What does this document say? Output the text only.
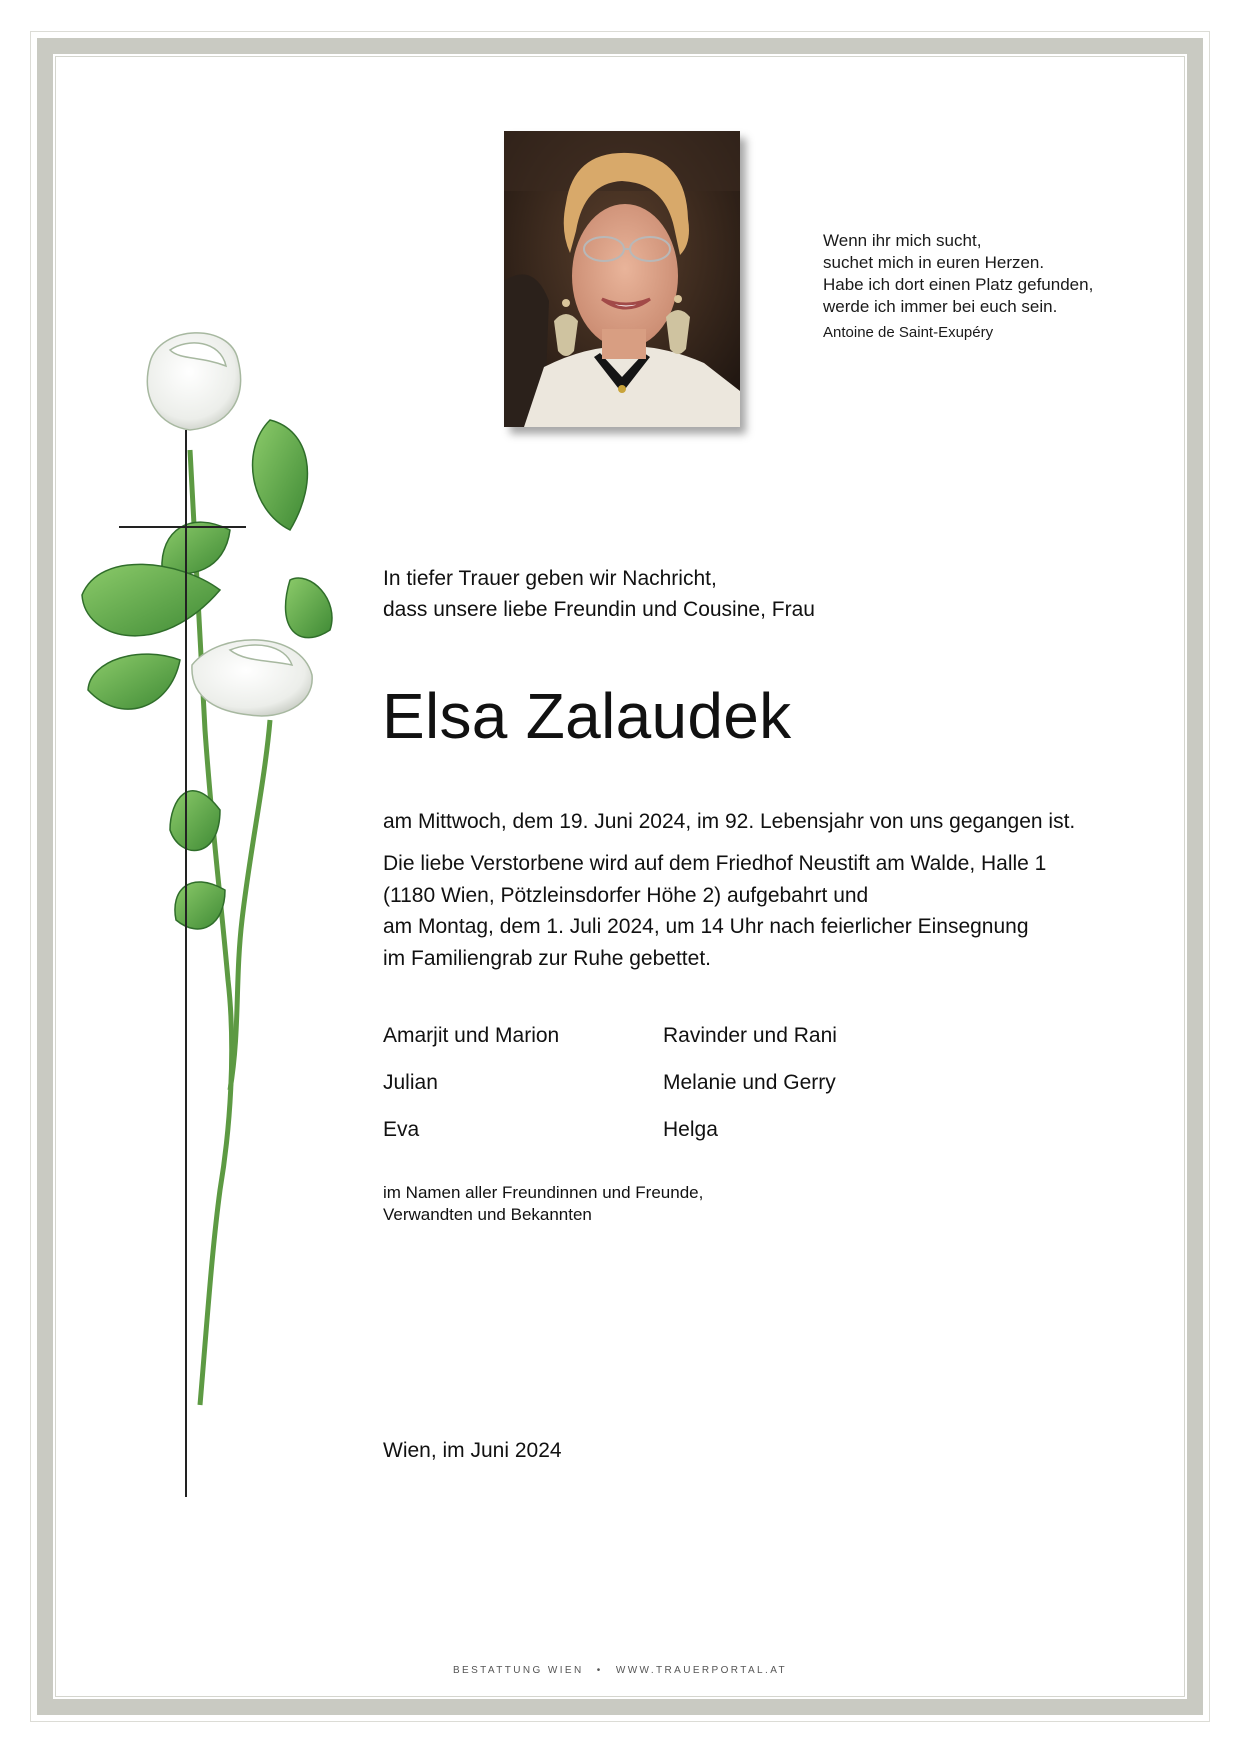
Wenn ihr mich sucht,
suchet mich in euren Herzen.
Habe ich dort einen Platz gefunden,
werde ich immer bei euch sein.
Antoine de Saint-Exupéry
In tiefer Trauer geben wir Nachricht,
dass unsere liebe Freundin und Cousine, Frau
Elsa Zalaudek
am Mittwoch, dem 19. Juni 2024, im 92. Lebensjahr von uns gegangen ist.
Die liebe Verstorbene wird auf dem Friedhof Neustift am Walde, Halle 1
(1180 Wien, Pötzleinsdorfer Höhe 2) aufgebahrt und
am Montag, dem 1. Juli 2024, um 14 Uhr nach feierlicher Einsegnung
im Familiengrab zur Ruhe gebettet.
Amarjit und Marion	Ravinder und Rani
Julian	Melanie und Gerry
Eva	Helga
im Namen aller Freundinnen und Freunde,
Verwandten und Bekannten
Wien, im Juni 2024
BESTATTUNG WIEN • WWW.TRAUERPORTAL.AT
